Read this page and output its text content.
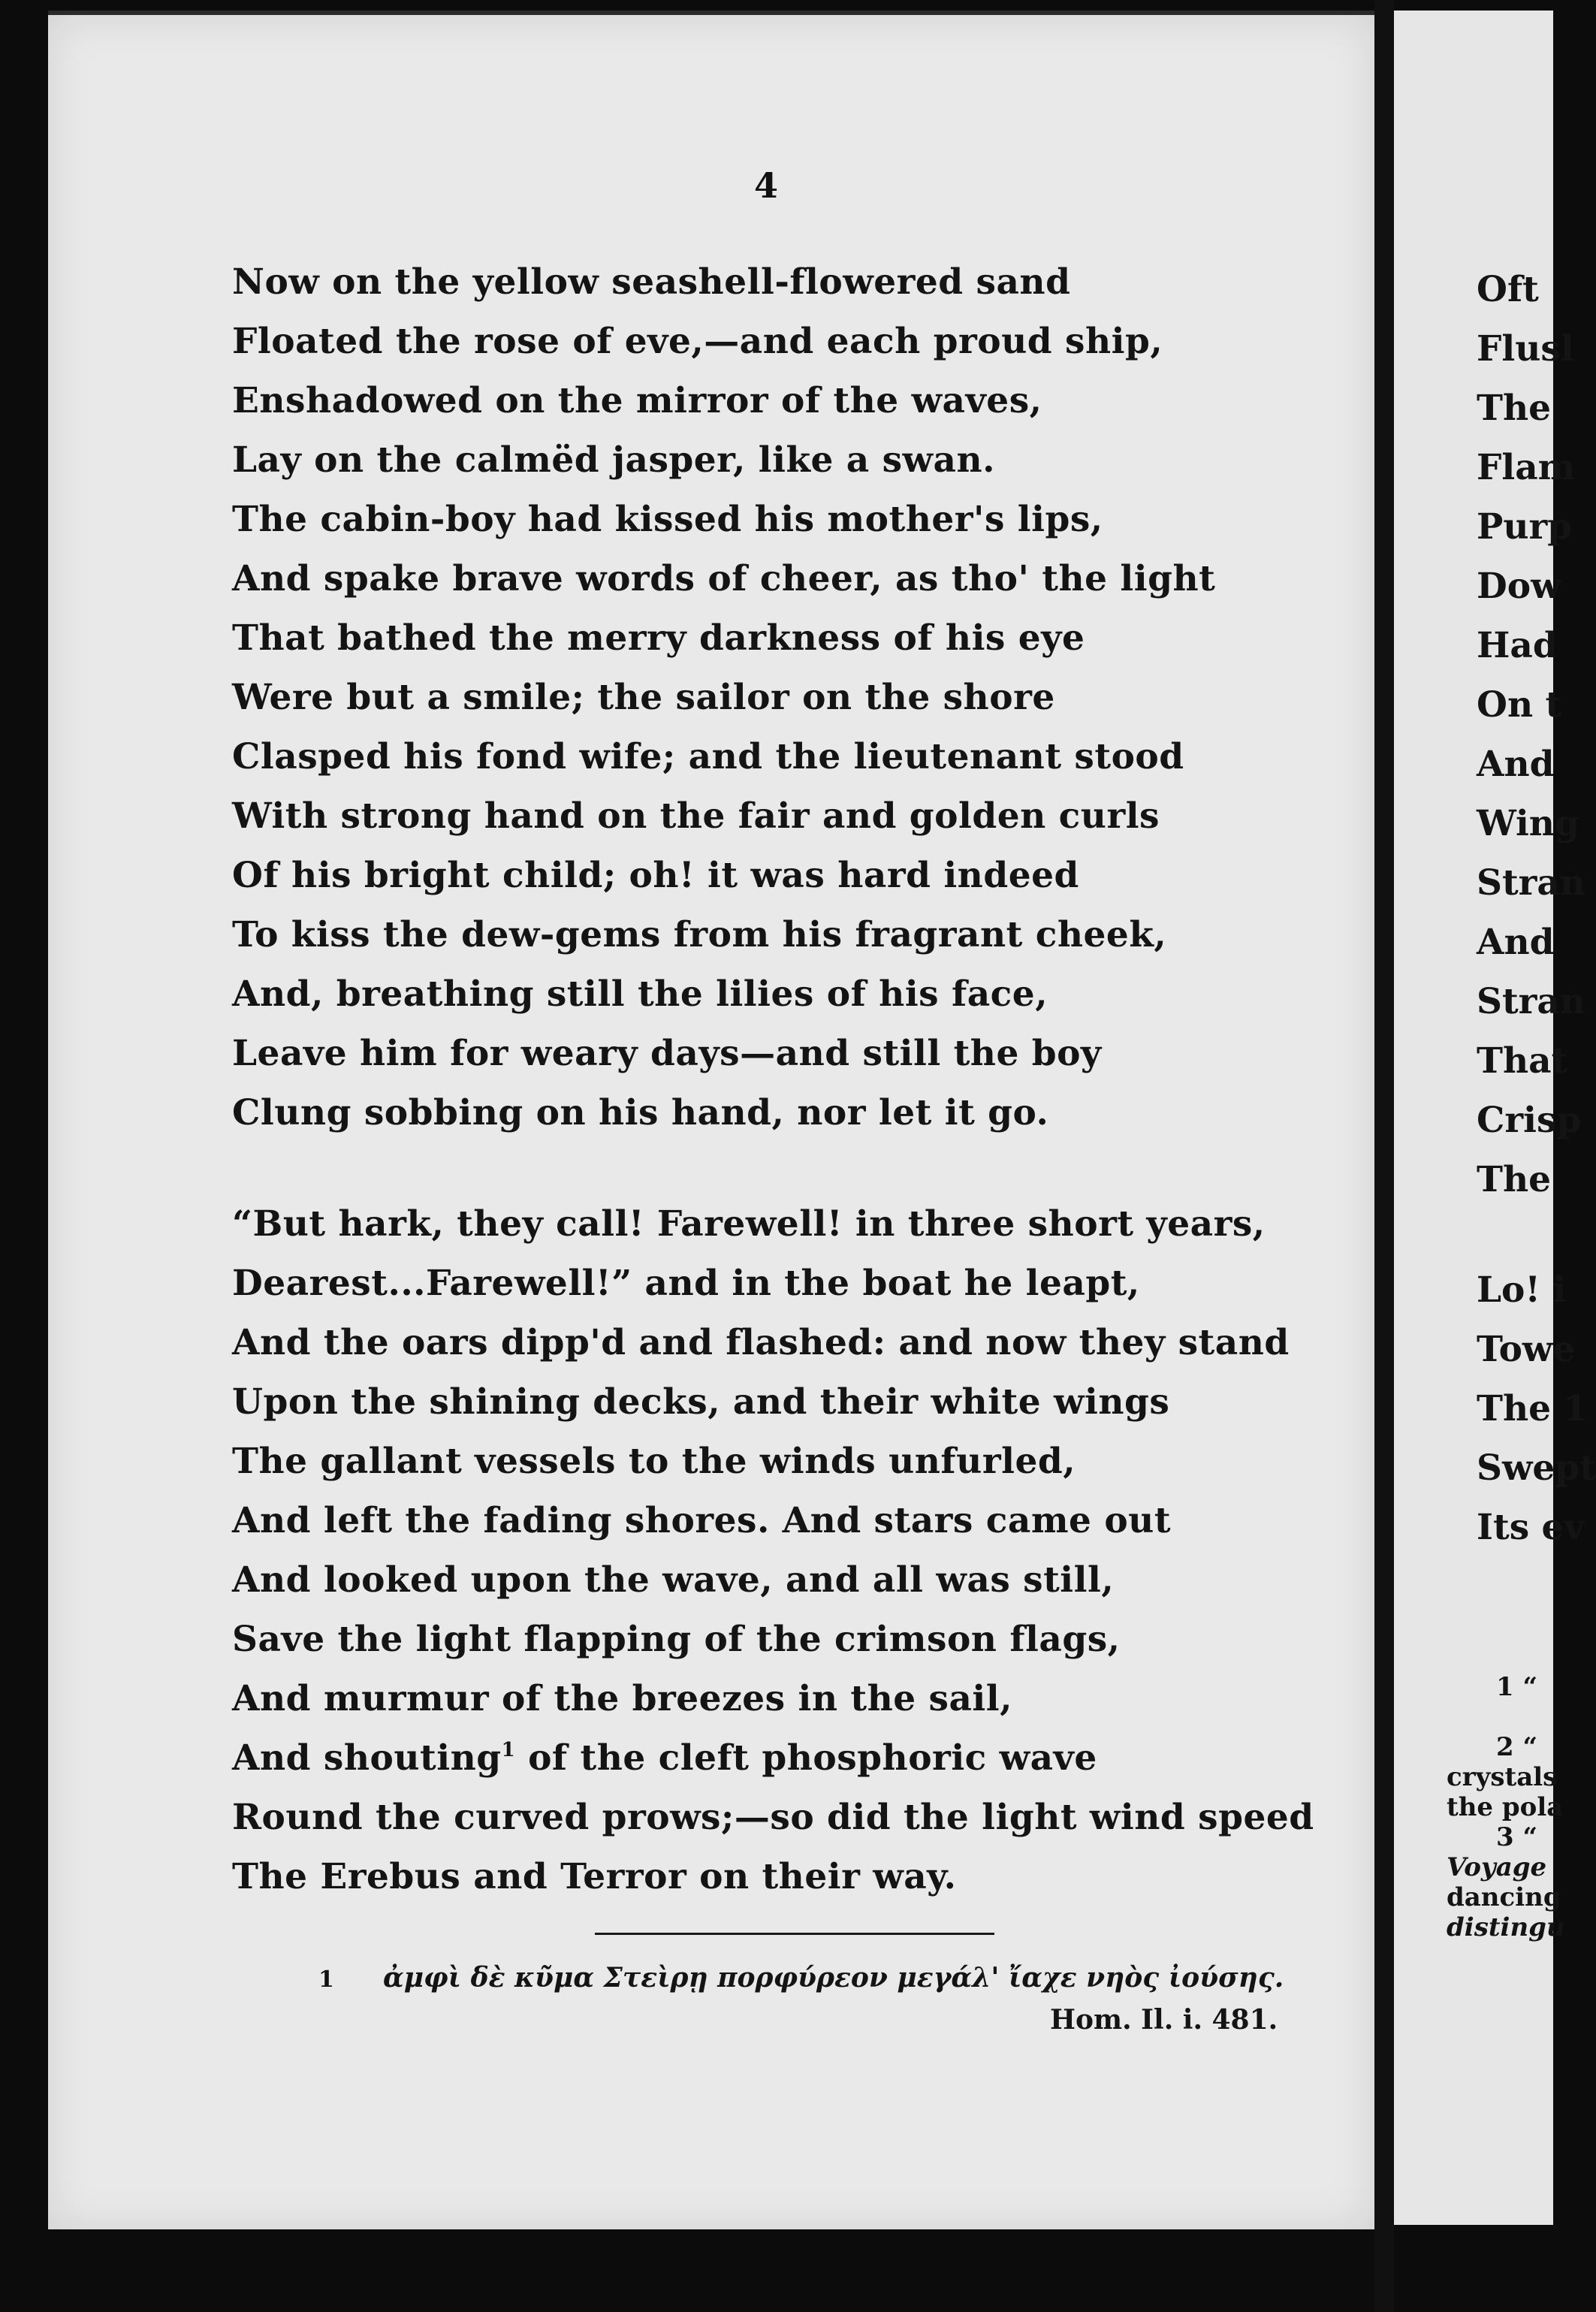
4
Now on the yellow seashell-flowered sand
Floated the rose of eve,—and each proud ship,
Enshadowed on the mirror of the waves,
Lay on the calmëd jasper, like a swan.
The cabin-boy had kissed his mother's lips,
And spake brave words of cheer, as tho' the light
That bathed the merry darkness of his eye
Were but a smile; the sailor on the shore
Clasped his fond wife; and the lieutenant stood
With strong hand on the fair and golden curls
Of his bright child; oh! it was hard indeed
To kiss the dew-gems from his fragrant cheek,
And, breathing still the lilies of his face,
Leave him for weary days—and still the boy
Clung sobbing on his hand, nor let it go.
“But hark, they call! Farewell! in three short years,
Dearest...Farewell!” and in the boat he leapt,
And the oars dipp'd and flashed: and now they stand
Upon the shining decks, and their white wings
The gallant vessels to the winds unfurled,
And left the fading shores. And stars came out
And looked upon the wave, and all was still,
Save the light flapping of the crimson flags,
And murmur of the breezes in the sail,
And shouting$^1$ of the cleft phosphoric wave
Round the curved prows;—so did the light wind speed
The Erebus and Terror on their way.
1 ἀμφὶ δὲ κῦμα Στεὶρῃ πορφύρεον μεγάλ' ἴαχε νηὸς ἰούσης.
Hom. Il. i. 481.
Oft
Flusl
The
Flam
Purp
Dow
Had
On t
And
Wing
Stran
And
Stran
That
Crisp
The
Lo! i
Towe
The 1
Swept
Its ev
1 “
2 “
crystals
the pola
3 “
Voyage
dancing
distingu
